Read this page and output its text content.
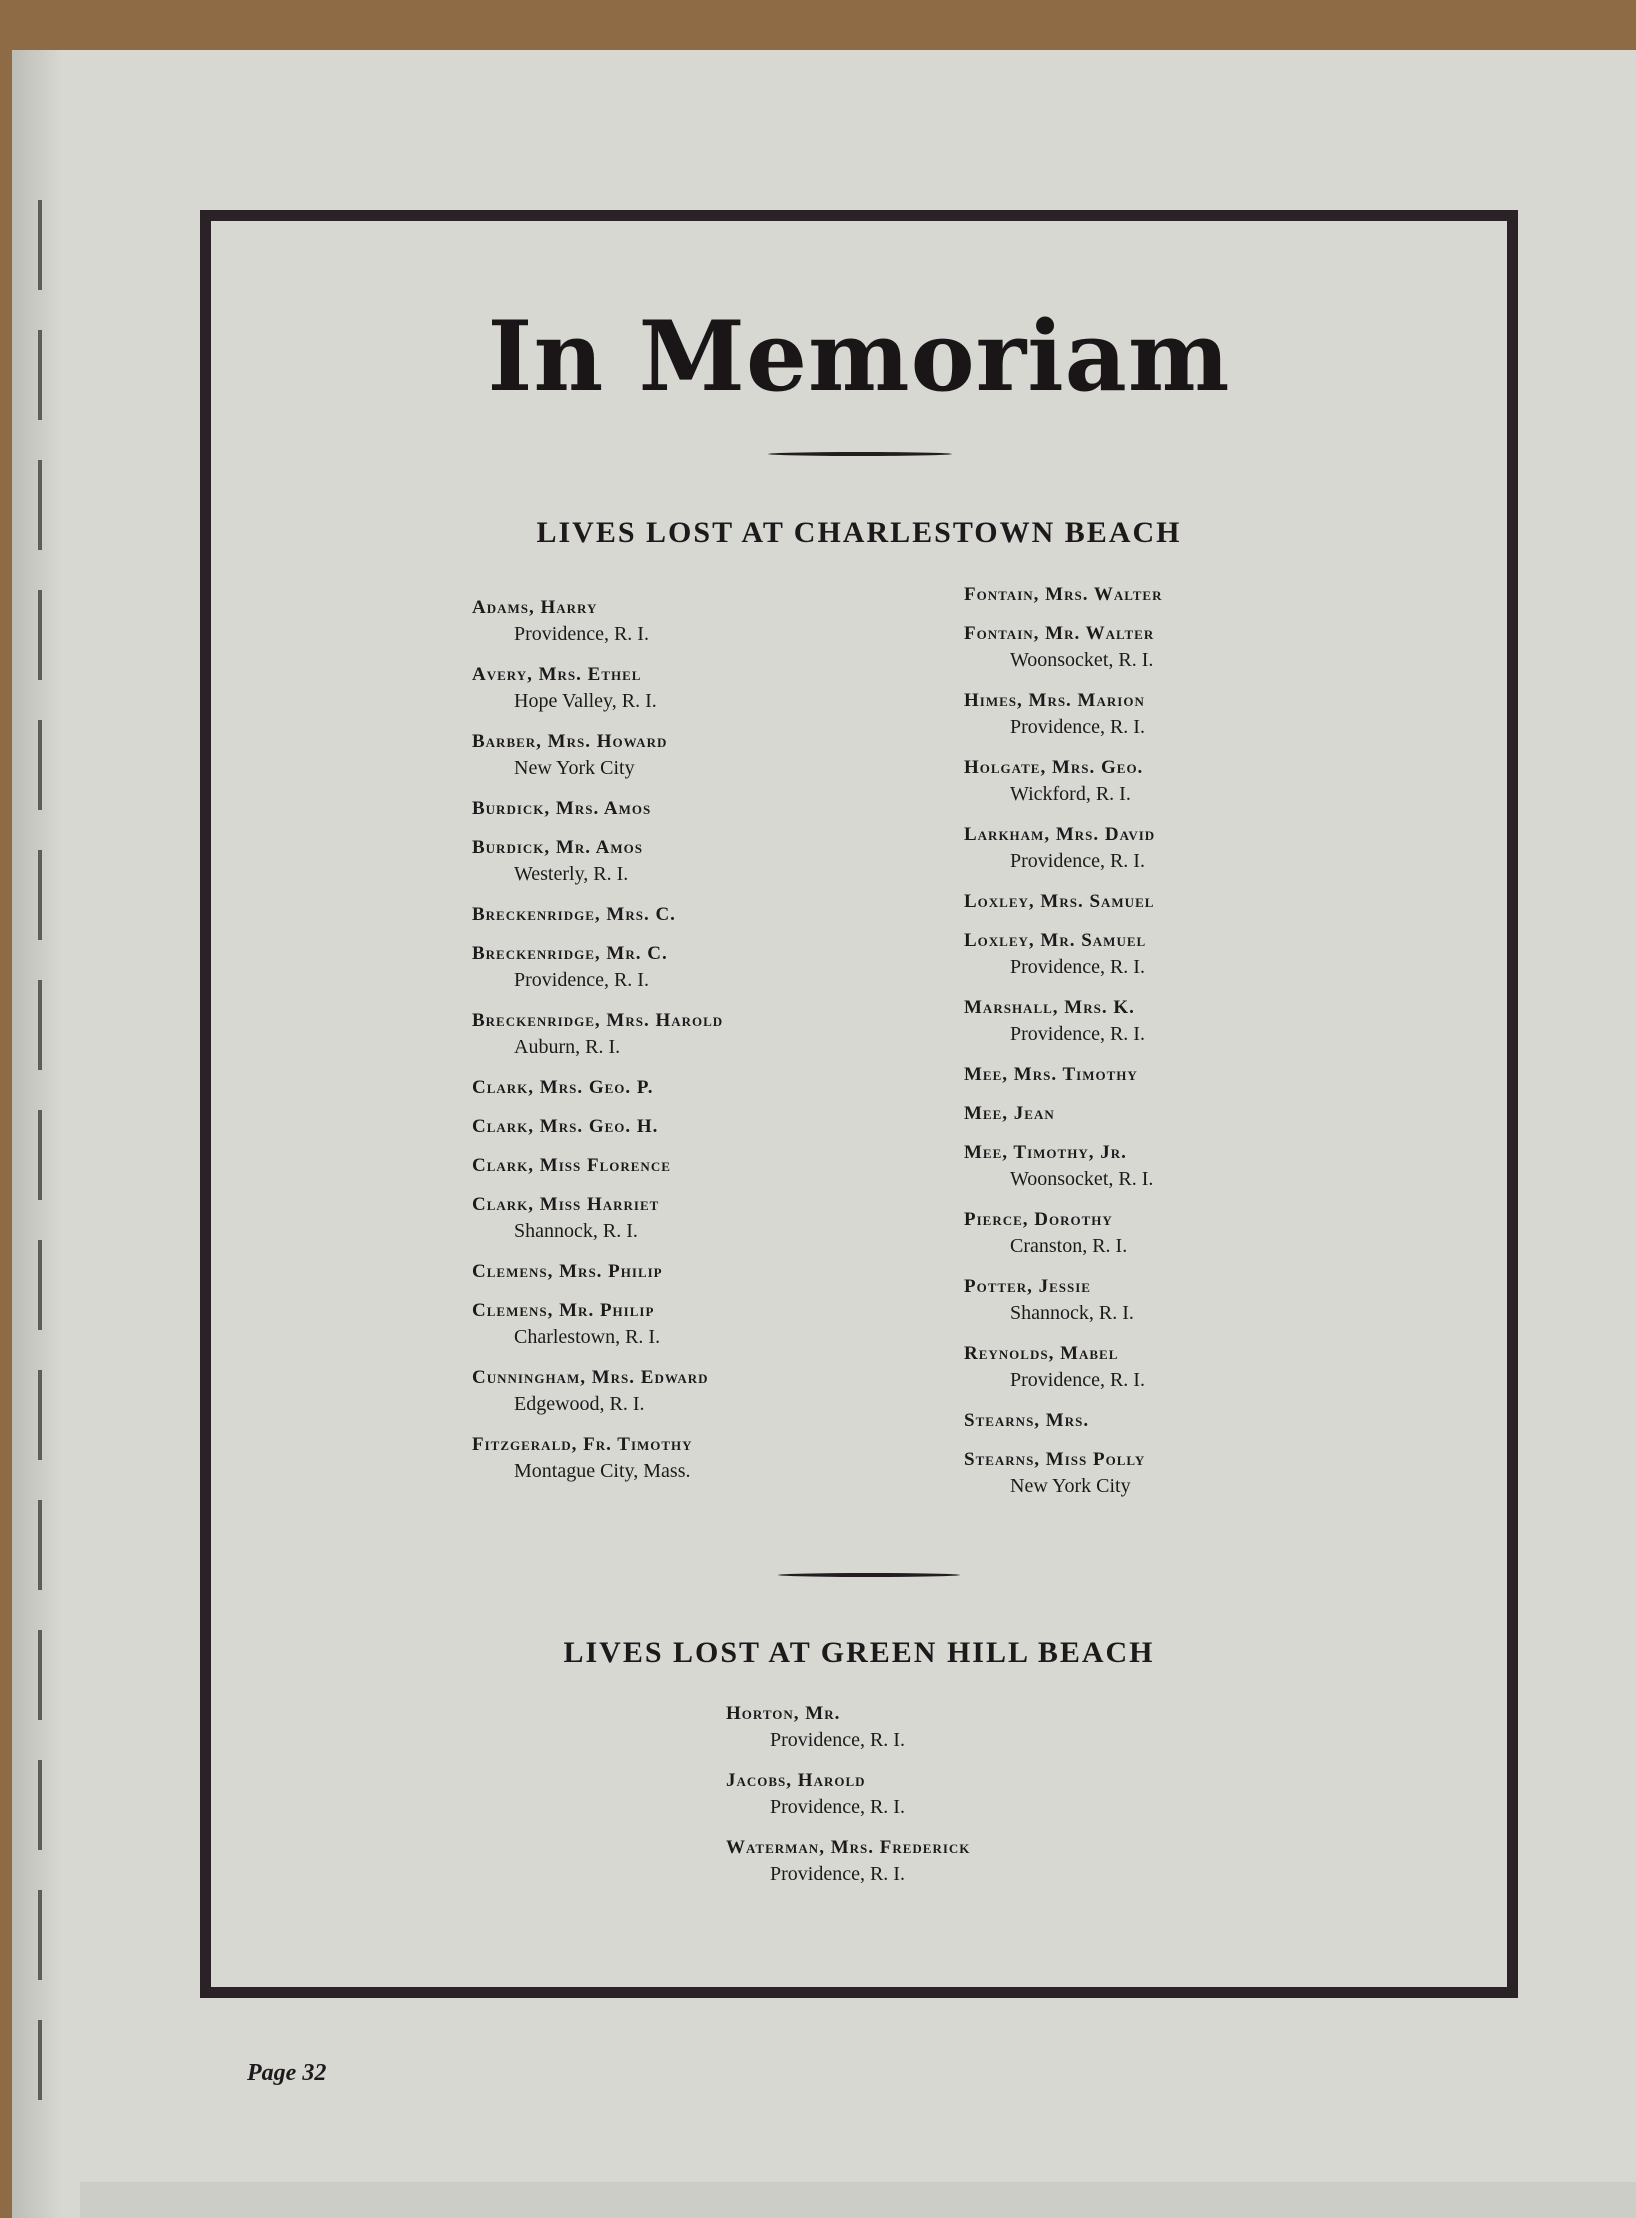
In Memoriam
LIVES LOST AT CHARLESTOWN BEACH
Adams, Harry
Providence, R. I.
Avery, Mrs. Ethel
Hope Valley, R. I.
Barber, Mrs. Howard
New York City
Burdick, Mrs. Amos
Burdick, Mr. Amos
Westerly, R. I.
Breckenridge, Mrs. C.
Breckenridge, Mr. C.
Providence, R. I.
Breckenridge, Mrs. Harold
Auburn, R. I.
Clark, Mrs. Geo. P.
Clark, Mrs. Geo. H.
Clark, Miss Florence
Clark, Miss Harriet
Shannock, R. I.
Clemens, Mrs. Philip
Clemens, Mr. Philip
Charlestown, R. I.
Cunningham, Mrs. Edward
Edgewood, R. I.
Fitzgerald, Fr. Timothy
Montague City, Mass.
Fontain, Mrs. Walter
Fontain, Mr. Walter
Woonsocket, R. I.
Himes, Mrs. Marion
Providence, R. I.
Holgate, Mrs. Geo.
Wickford, R. I.
Larkham, Mrs. David
Providence, R. I.
Loxley, Mrs. Samuel
Loxley, Mr. Samuel
Providence, R. I.
Marshall, Mrs. K.
Providence, R. I.
Mee, Mrs. Timothy
Mee, Jean
Mee, Timothy, Jr.
Woonsocket, R. I.
Pierce, Dorothy
Cranston, R. I.
Potter, Jessie
Shannock, R. I.
Reynolds, Mabel
Providence, R. I.
Stearns, Mrs.
Stearns, Miss Polly
New York City
LIVES LOST AT GREEN HILL BEACH
Horton, Mr.
Providence, R. I.
Jacobs, Harold
Providence, R. I.
Waterman, Mrs. Frederick
Providence, R. I.
Page 32
